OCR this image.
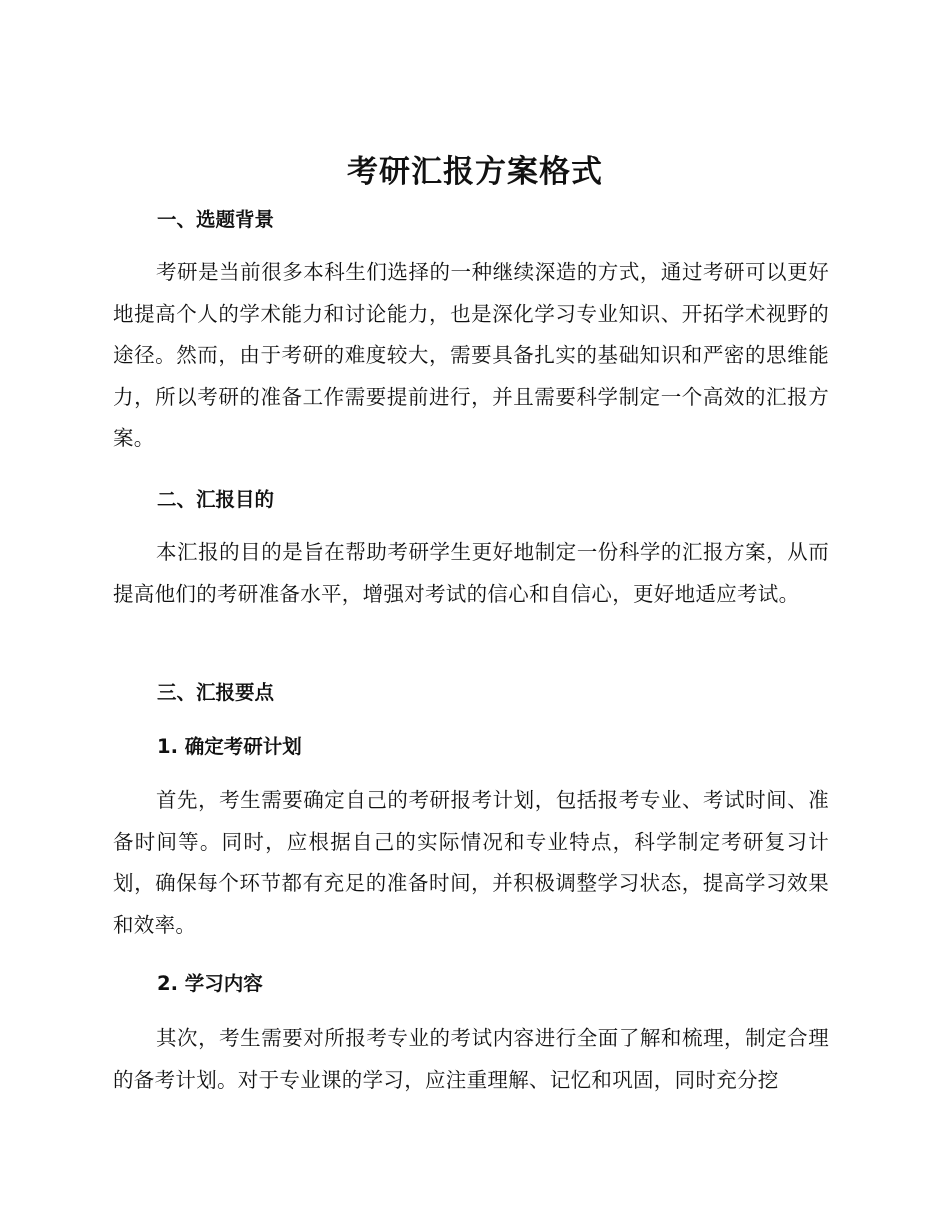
考研汇报方案格式
一、选题背景

考研是当前很多本科生们选择的一种继续深造的方式，通过考研可以更好地提高个人的学术能力和讨论能力，也是深化学习专业知识、开拓学术视野的途径。然而，由于考研的难度较大，需要具备扎实的基础知识和严密的思维能力，所以考研的准备工作需要提前进行，并且需要科学制定一个高效的汇报方案。

二、汇报目的

本汇报的目的是旨在帮助考研学生更好地制定一份科学的汇报方案，从而提高他们的考研准备水平，增强对考试的信心和自信心，更好地适应考试。

三、汇报要点
1. 确定考研计划

首先，考生需要确定自己的考研报考计划，包括报考专业、考试时间、准备时间等。同时，应根据自己的实际情况和专业特点，科学制定考研复习计划，确保每个环节都有充足的准备时间，并积极调整学习状态，提高学习效果和效率。

2. 学习内容

其次，考生需要对所报考专业的考试内容进行全面了解和梳理，制定合理的备考计划。对于专业课的学习，应注重理解、记忆和巩固，同时充分挖
